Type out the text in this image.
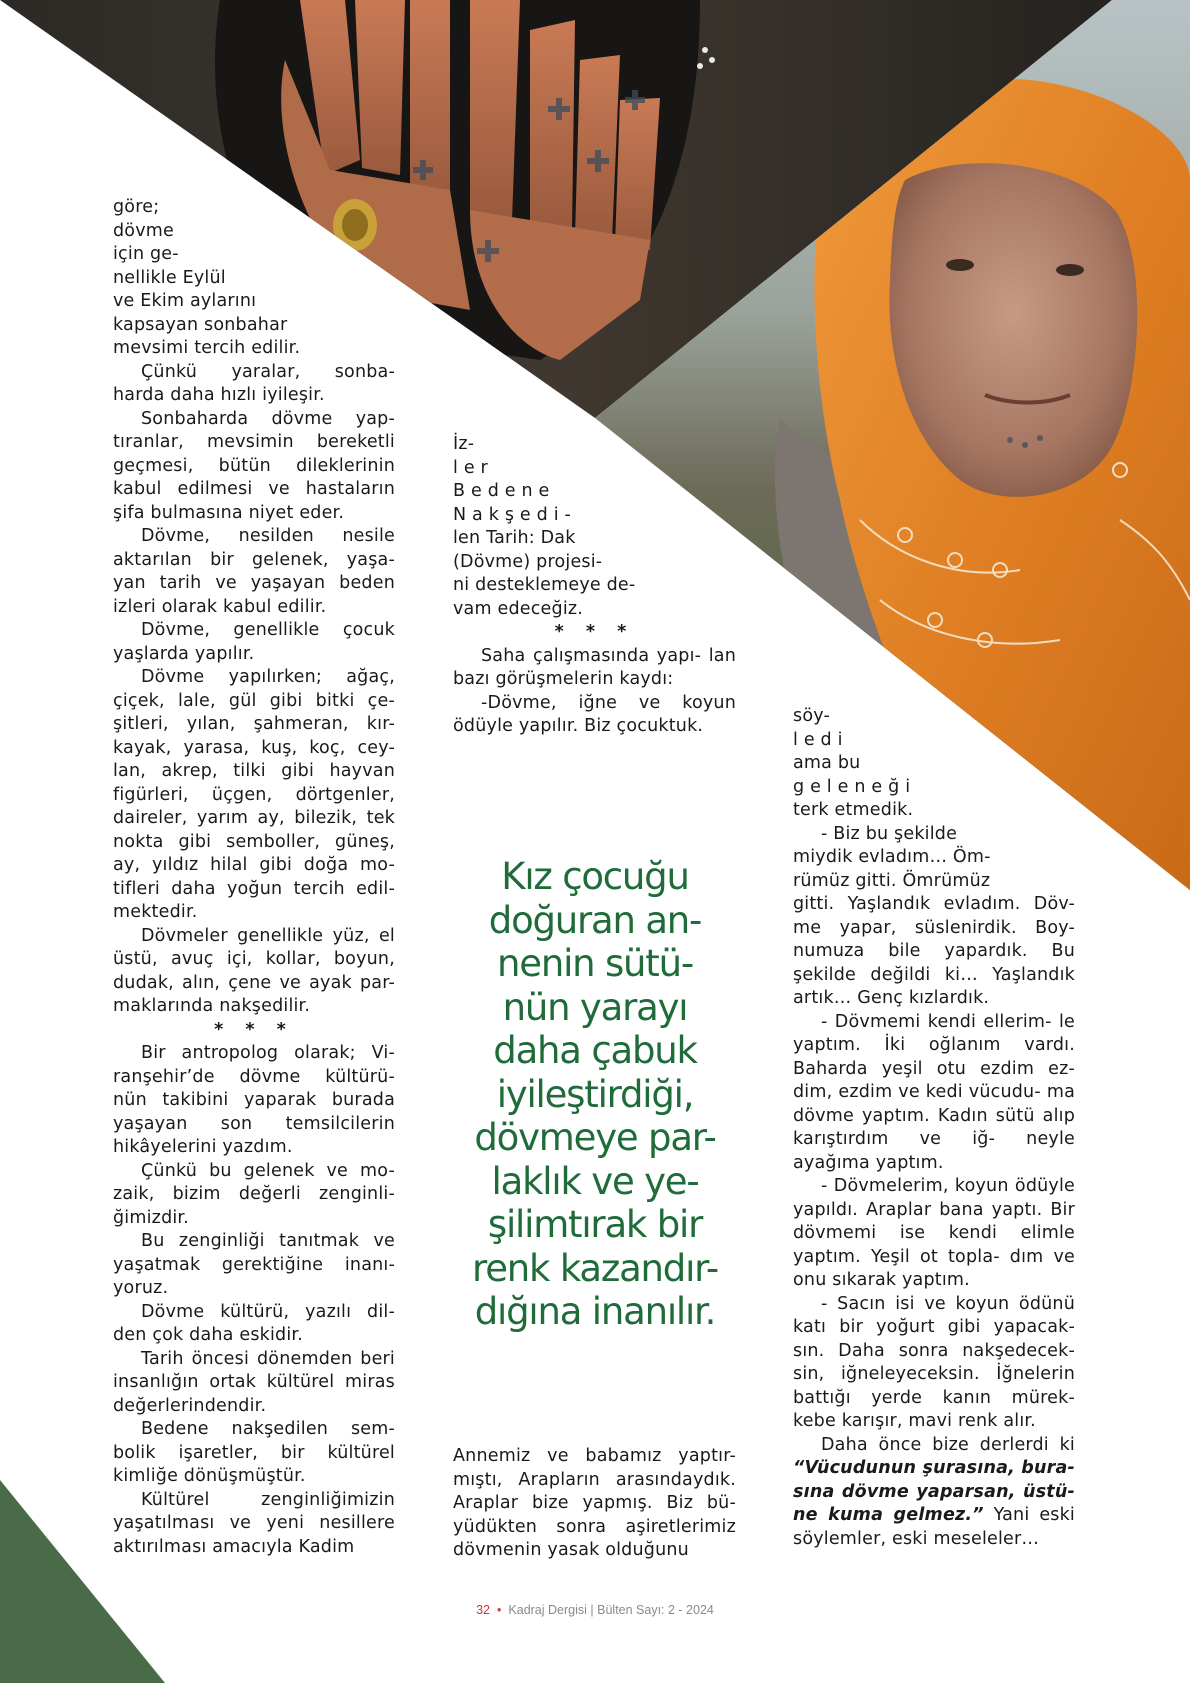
göre;

dövme

için ge-

nellikle Eylül

ve Ekim aylarını

kapsayan sonbahar

mevsimi tercih edilir.

Çünkü yaralar, sonba- harda daha hızlı iyileşir.

Sonbaharda dövme yap- tıranlar, mevsimin bereketli geçmesi, bütün dileklerinin kabul edilmesi ve hastaların şifa bulmasına niyet eder.

Dövme, nesilden nesile aktarılan bir gelenek, yaşa- yan tarih ve yaşayan beden izleri olarak kabul edilir.

Dövme, genellikle çocuk yaşlarda yapılır.

Dövme yapılırken; ağaç, çiçek, lale, gül gibi bitki çe- şitleri, yılan, şahmeran, kır- kayak, yarasa, kuş, koç, cey- lan, akrep, tilki gibi hayvan figürleri, üçgen, dörtgenler, daireler, yarım ay, bilezik, tek nokta gibi semboller, güneş, ay, yıldız hilal gibi doğa mo- tifleri daha yoğun tercih edil- mektedir.

Dövmeler genellikle yüz, el üstü, avuç içi, kollar, boyun, dudak, alın, çene ve ayak par- maklarında nakşedilir.

* * *

Bir antropolog olarak; Vi- ranşehir’de dövme kültürü- nün takibini yaparak burada yaşayan son temsilcilerin hikâyelerini yazdım.

Çünkü bu gelenek ve mo- zaik, bizim değerli zenginli- ğimizdir.

Bu zenginliği tanıtmak ve yaşatmak gerektiğine inanı- yoruz.

Dövme kültürü, yazılı dil- den çok daha eskidir.

Tarih öncesi dönemden beri insanlığın ortak kültürel miras değerlerindendir.

Bedene nakşedilen sem- bolik işaretler, bir kültürel kimliğe dönüşmüştür.

Kültürel zenginliğimizin yaşatılması ve yeni nesillere aktırılması amacıyla Kadim

İz-

l e r

B e d e n e

N a k ş e d i -

len Tarih: Dak

(Dövme) projesi-

ni desteklemeye de-

vam edeceğiz.

* * *

Saha çalışmasında yapı- lan bazı görüşmelerin kaydı:

-Dövme, iğne ve koyun ödüyle yapılır. Biz çocuktuk.

Kız çocuğu
doğuran an-
nenin sütü-
nün yarayı
daha çabuk
iyileştirdiği,
dövmeye par-
laklık ve ye-
şilimtırak bir
renk kazandır-
dığına inanılır.

Annemiz ve babamız yaptır- mıştı, Arapların arasındaydık. Araplar bize yapmış. Biz bü- yüdükten sonra aşiretlerimiz dövmenin yasak olduğunu

söy-

l e d i

ama bu

g e l e n e ğ i

terk etmedik.

- Biz bu şekilde

miydik evladım… Öm-

rümüz gitti. Ömrümüz

gitti. Yaşlandık evladım. Döv- me yapar, süslenirdik. Boy- numuza bile yapardık. Bu şekilde değildi ki… Yaşlandık artık… Genç kızlardık.

- Dövmemi kendi ellerim- le yaptım. İki oğlanım vardı. Baharda yeşil otu ezdim ez- dim, ezdim ve kedi vücudu- ma dövme yaptım. Kadın sütü alıp karıştırdım ve iğ- neyle ayağıma yaptım.

- Dövmelerim, koyun ödüyle yapıldı. Araplar bana yaptı. Bir dövmemi ise kendi elimle yaptım. Yeşil ot topla- dım ve onu sıkarak yaptım.

- Sacın isi ve koyun ödünü katı bir yoğurt gibi yapacak- sın. Daha sonra nakşedecek- sin, iğneleyeceksin. İğnelerin battığı yerde kanın mürek- kebe karışır, mavi renk alır.

Daha önce bize derlerdi ki “Vücudunun şurasına, bura- sına dövme yaparsan, üstü- ne kuma gelmez.” Yani eski söylemler, eski meseleler…

32 • Kadraj Dergisi | Bülten Sayı: 2 - 2024
